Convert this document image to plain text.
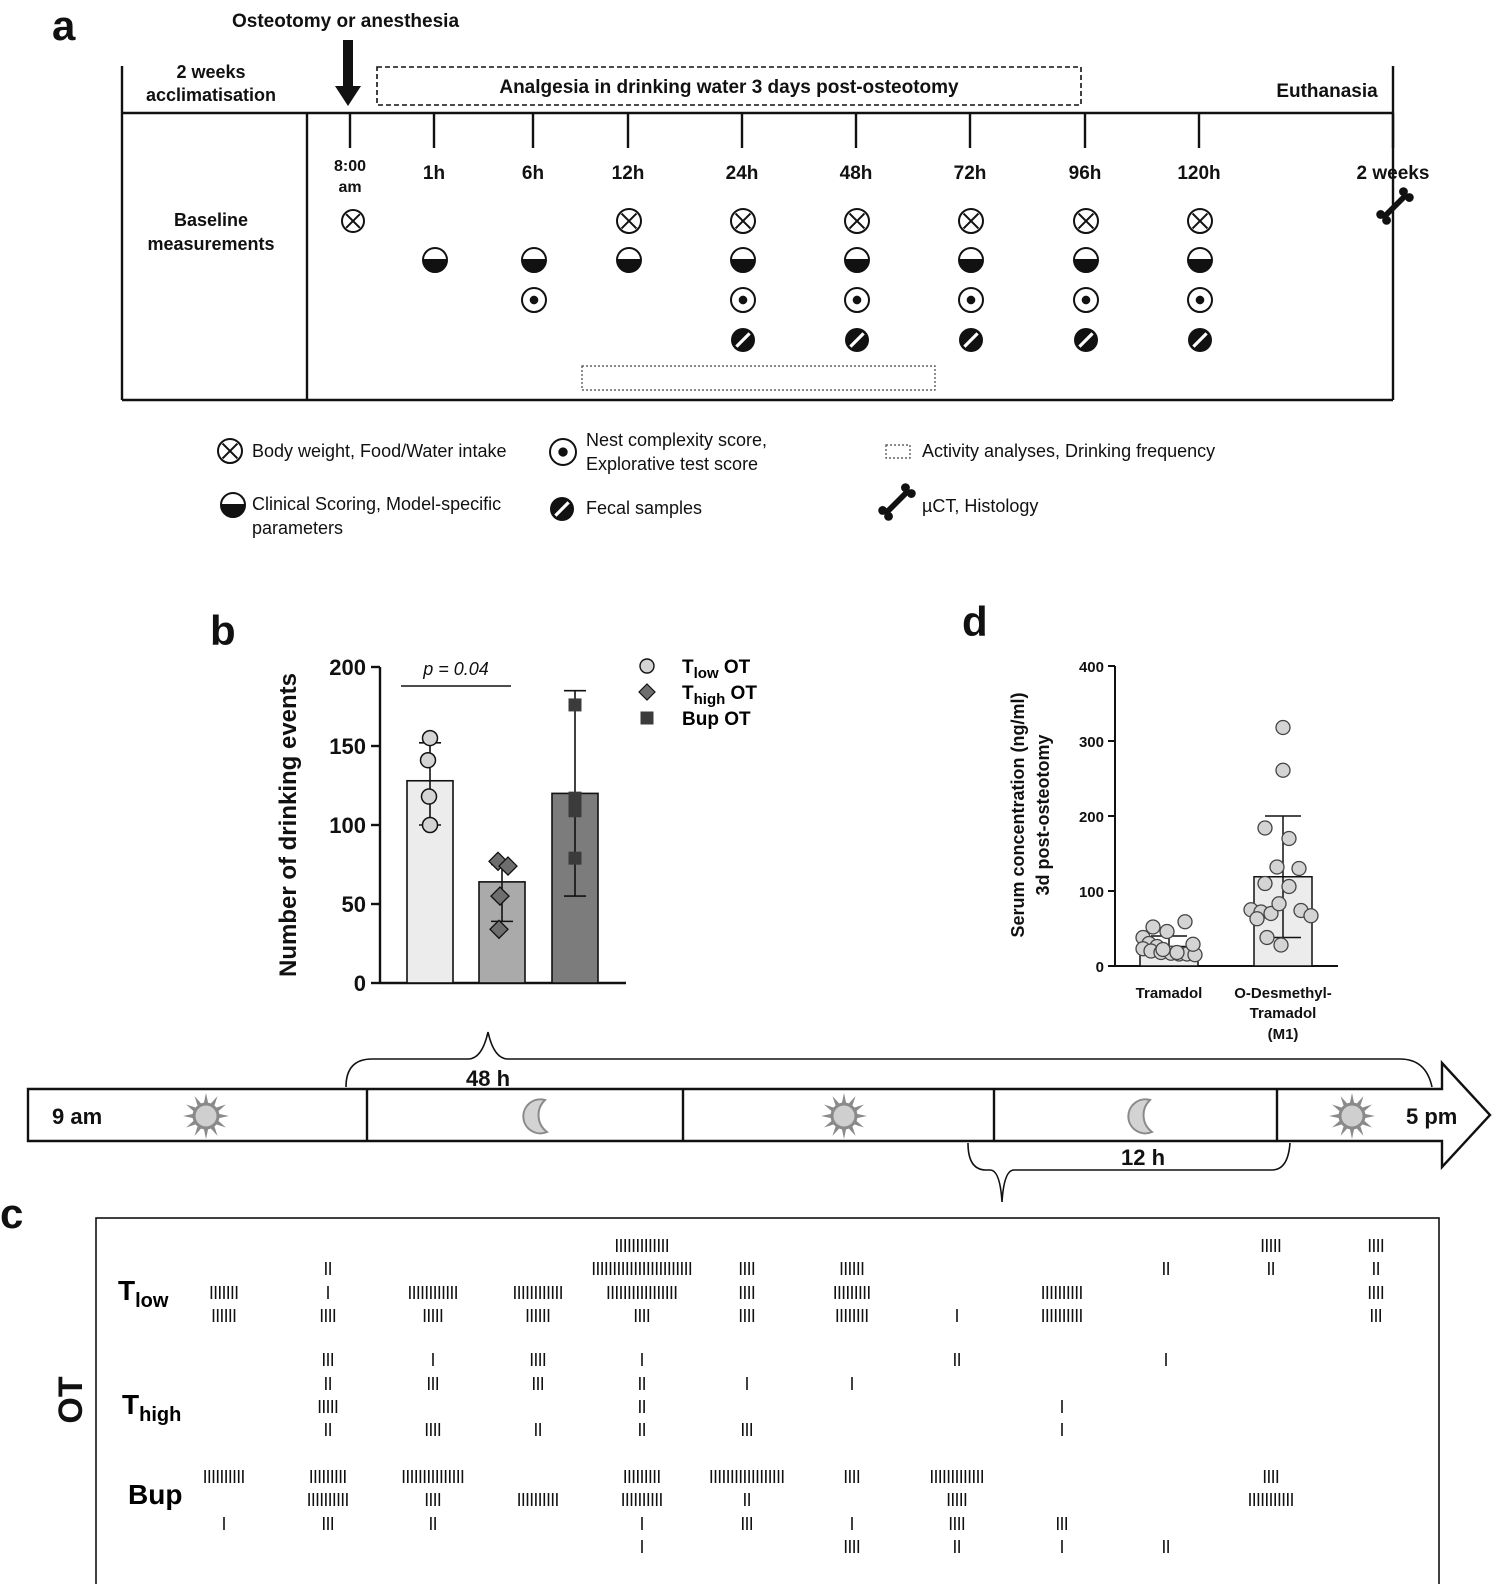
a	Osteotomy or anesthesia
2 weeks
acclimatisation	Analgesia in drinking water 3 days post-osteotomy	Euthanasia
Baseline
measurements
8:00
am
1h	6h	12h	24h	48h	72h	96h	120h	2 weeks
Body weight, Food/Water intake
Clinical Scoring, Model-specific
parameters
Nest complexity score,
Explorative test score
Fecal samples
Activity analyses, Drinking frequency
µCT, Histology
b
0
50
100
150
200
Number of drinking events
p = 0.04	$T_{low}$ OT
$T_{high}$ OT
Bup OT
d
0
100
200
300
400
Serum concentration (ng/ml) 3d post-osteotomy
Tramadol O-Desmethyl-
Tramadol
(M1)
48 h
9 am	5 pm
12 h
c
OT
$T_{low}$
$T_{high}$
Bup
